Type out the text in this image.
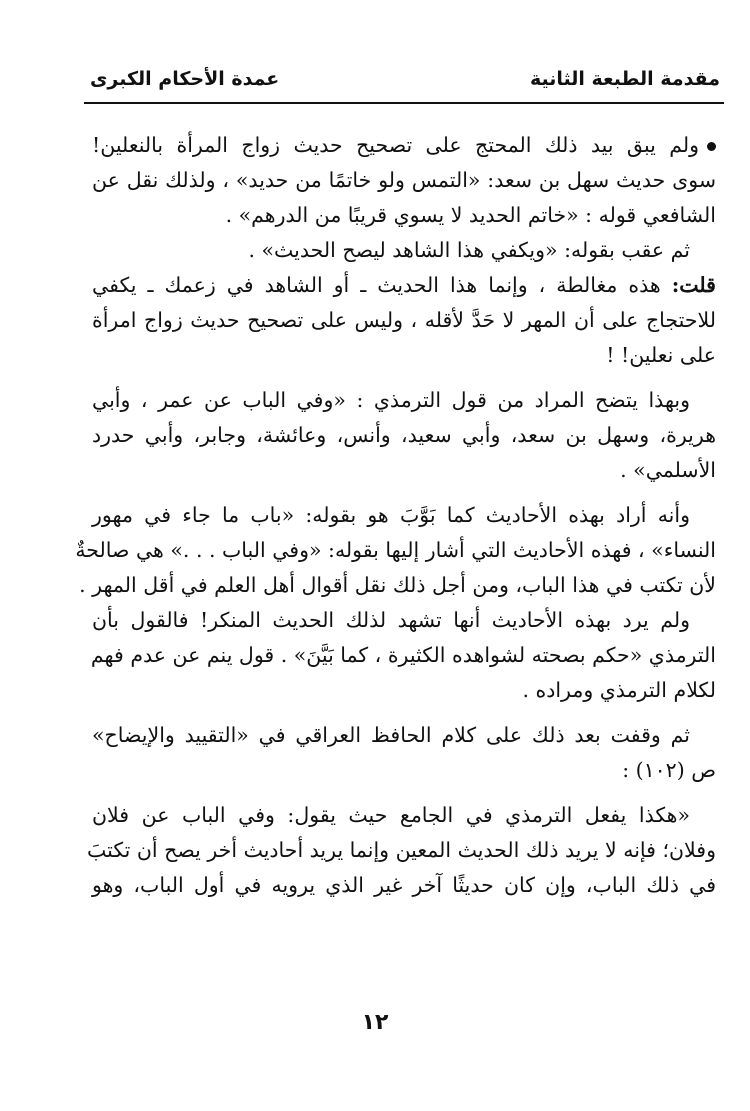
مقدمة الطبعة الثانية
عمدة الأحكام الكبرى

ولم يبق بيد ذلك المحتج على تصحيح حديث زواج المرأة بالنعلين!
سوى حديث سهل بن سعد: «التمس ولو خاتمًا من حديد» ، ولذلك نقل عن
الشافعي قوله : «خاتم الحديد لا يسوي قريبًا من الدرهم» .

ثم عقب بقوله: «ويكفي هذا الشاهد ليصح الحديث» .

قلت: هذه مغالطة ، وإنما هذا الحديث ـ أو الشاهد في زعمك ـ يكفي
للاحتجاج على أن المهر لا حَدَّ لأقله ، وليس على تصحيح حديث زواج امرأة
على نعلين! !

وبهذا يتضح المراد من قول الترمذي : «وفي الباب عن عمر ، وأبي

هريرة، وسهل بن سعد، وأبي سعيد، وأنس، وعائشة، وجابر، وأبي حدرد
الأسلمي» .

وأنه أراد بهذه الأحاديث كما بَوَّبَ هو بقوله: «باب ما جاء في مهور

النساء» ، فهذه الأحاديث التي أشار إليها بقوله: «وفي الباب . . .» هي صالحةٌ
لأن تكتب في هذا الباب، ومن أجل ذلك نقل أقوال أهل العلم في أقل المهر .

ولم يرد بهذه الأحاديث أنها تشهد لذلك الحديث المنكر! فالقول بأن

الترمذي «حكم بصحته لشواهده الكثيرة ، كما بَيَّنَ» . قول ينم عن عدم فهم
لكلام الترمذي ومراده .

ثم وقفت بعد ذلك على كلام الحافظ العراقي في «التقييد والإيضاح»

ص (١٠٢) :

«هكذا يفعل الترمذي في الجامع حيث يقول: وفي الباب عن فلان

وفلان؛ فإنه لا يريد ذلك الحديث المعين وإنما يريد أحاديث أخر يصح أن تكتبَ
في ذلك الباب، وإن كان حديثًا آخر غير الذي يرويه في أول الباب، وهو

١٢
